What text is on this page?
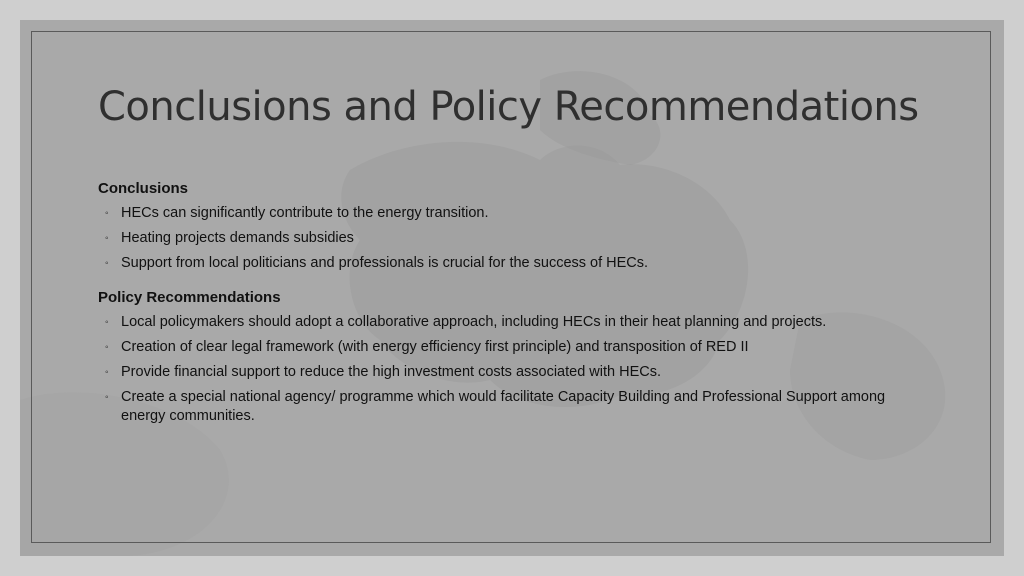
Conclusions and Policy Recommendations
Conclusions
◦ HECs can significantly contribute to the energy transition.
◦ Heating projects demands subsidies
◦ Support from local politicians and professionals is crucial for the success of HECs.
Policy Recommendations
◦ Local policymakers should adopt a collaborative approach, including HECs in their heat planning and projects.
◦ Creation of clear legal framework (with energy efficiency first principle) and transposition of RED II
◦ Provide financial support to reduce the high investment costs associated with HECs.
◦ Create a special national agency/ programme which would facilitate Capacity Building and Professional Support among energy communities.
